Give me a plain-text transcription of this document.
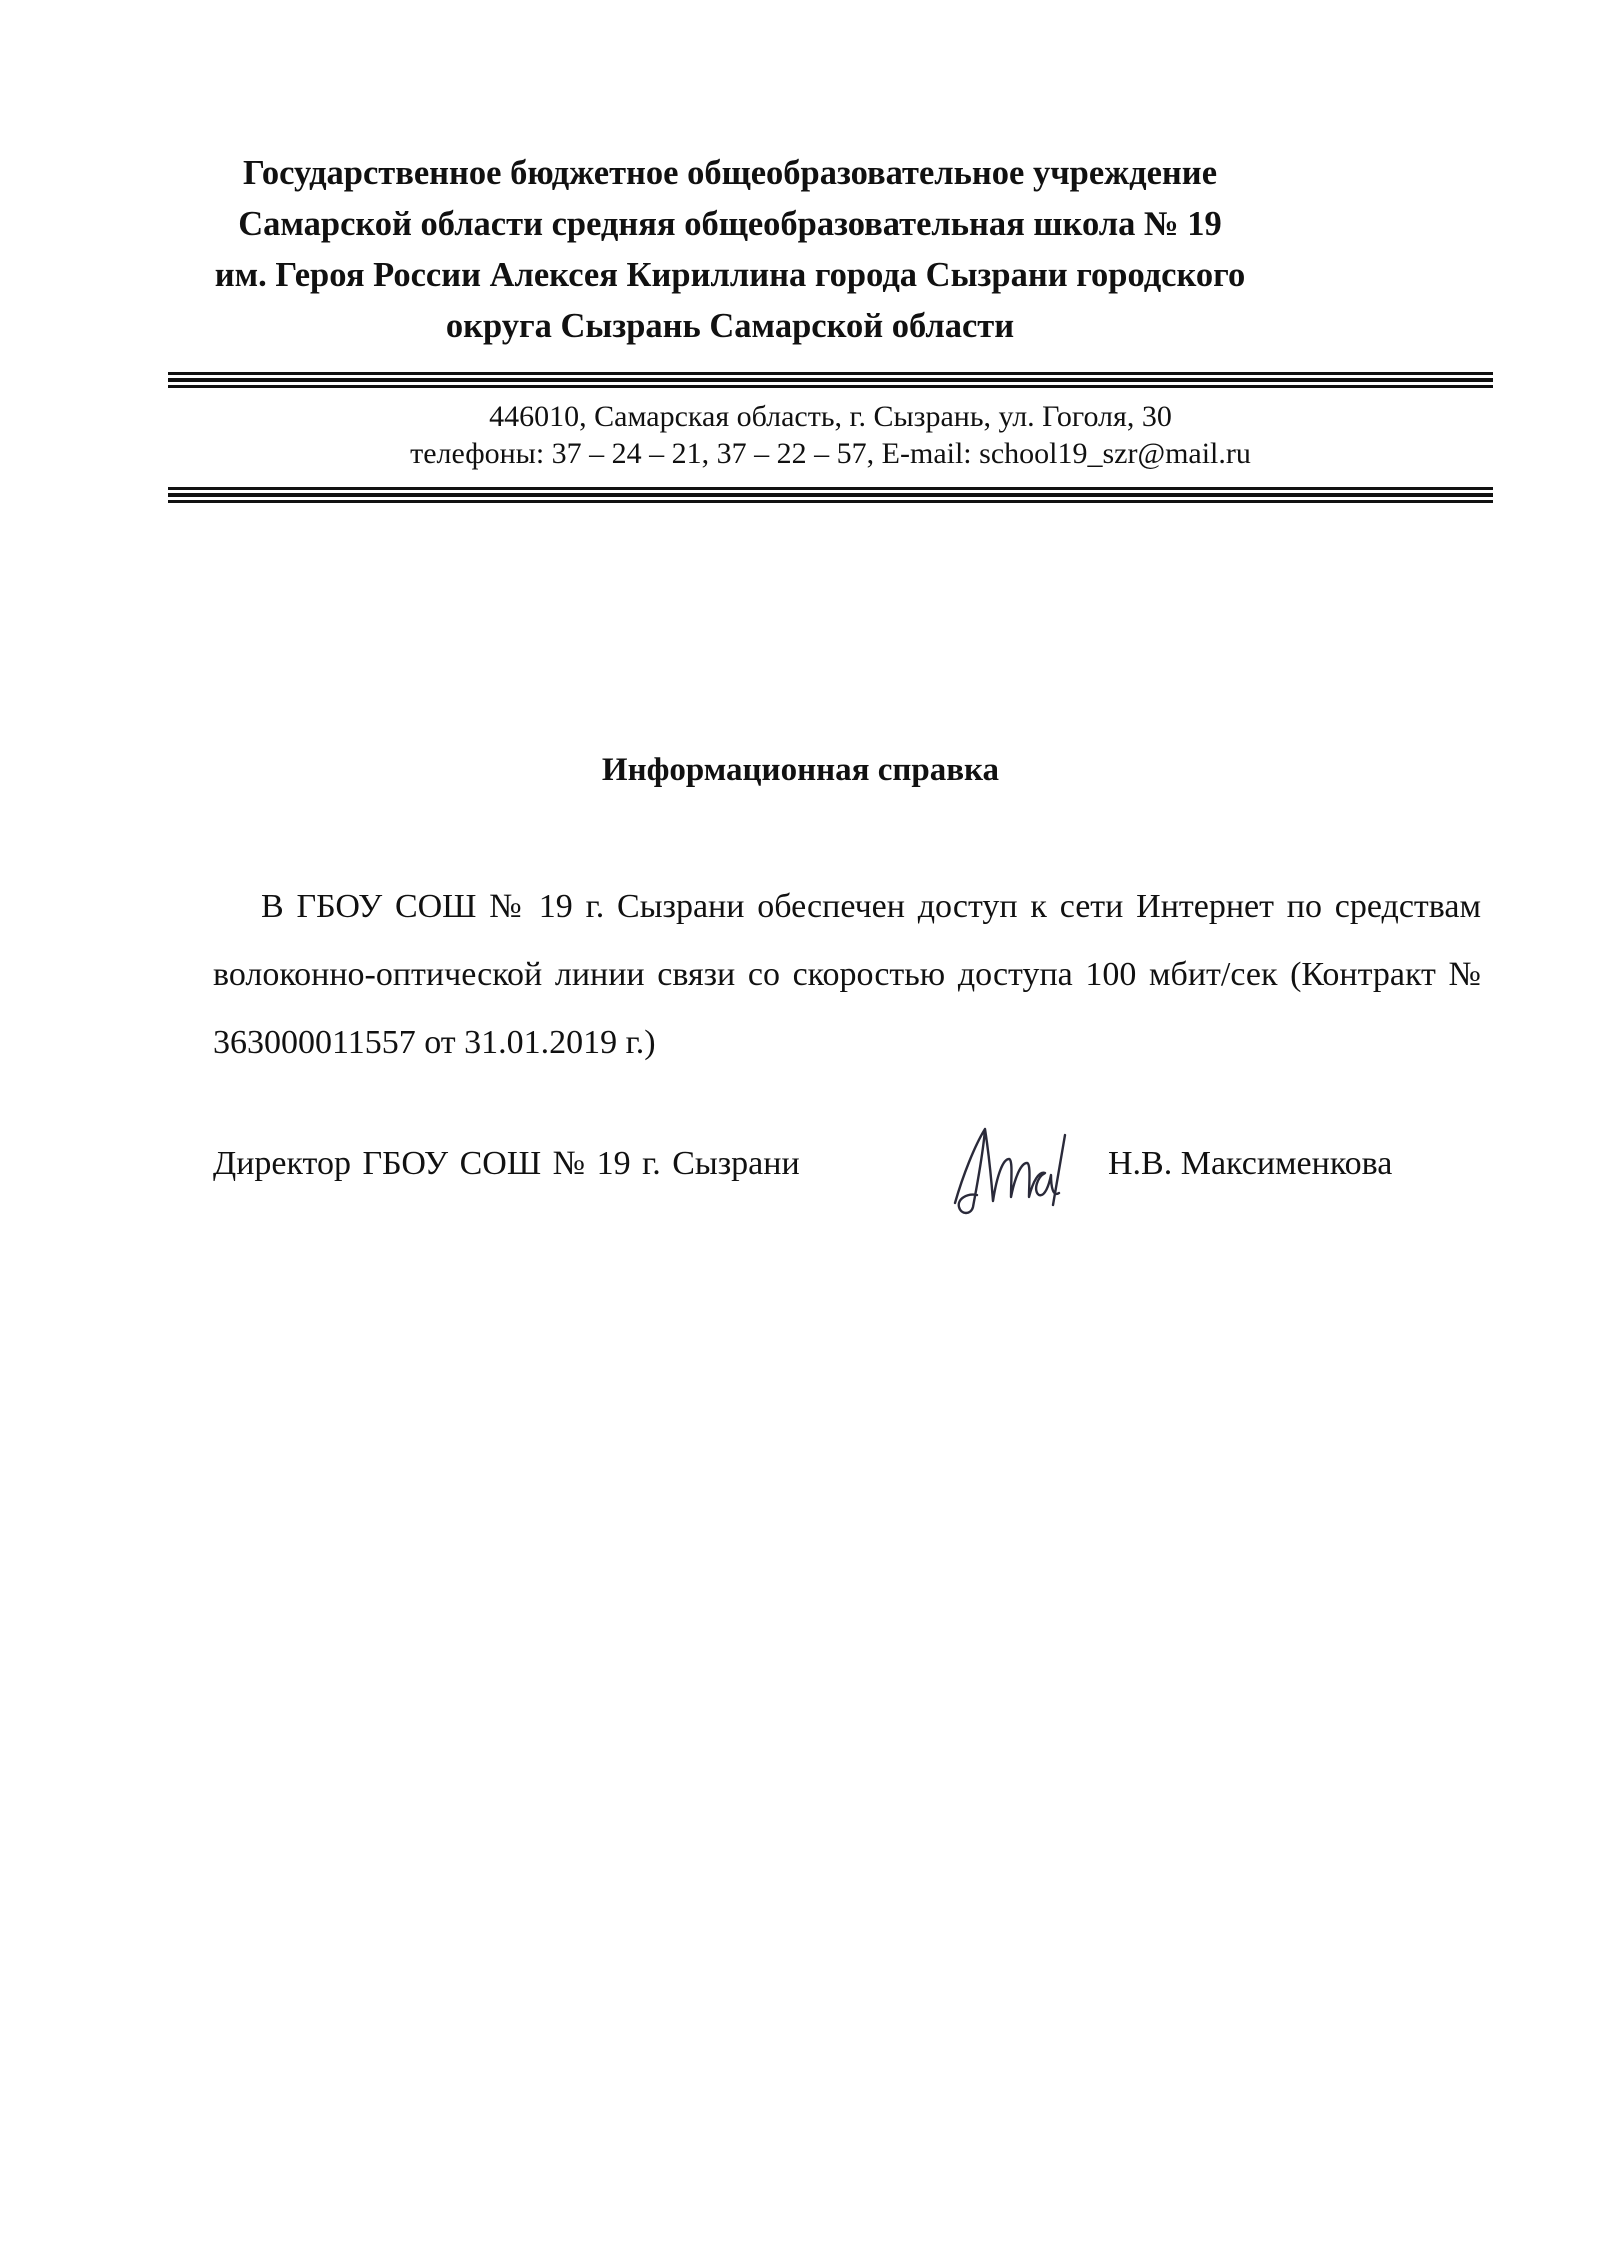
Государственное бюджетное общеобразовательное учреждение
Самарской области средняя общеобразовательная школа № 19
им. Героя России Алексея Кириллина города Сызрани городского
округа Сызрань Самарской области
446010, Самарская область, г. Сызрань, ул. Гоголя, 30
телефоны: 37 – 24 – 21, 37 – 22 – 57, E-mail: school19_szr@mail.ru
Информационная справка
В ГБОУ СОШ № 19 г. Сызрани обеспечен доступ к сети Интернет по средствам волоконно-оптической линии связи со скоростью доступа 100 мбит/сек (Контракт № 363000011557 от 31.01.2019 г.)
Директор ГБОУ СОШ № 19 г. Сызрани	Н.В. Максименкова
